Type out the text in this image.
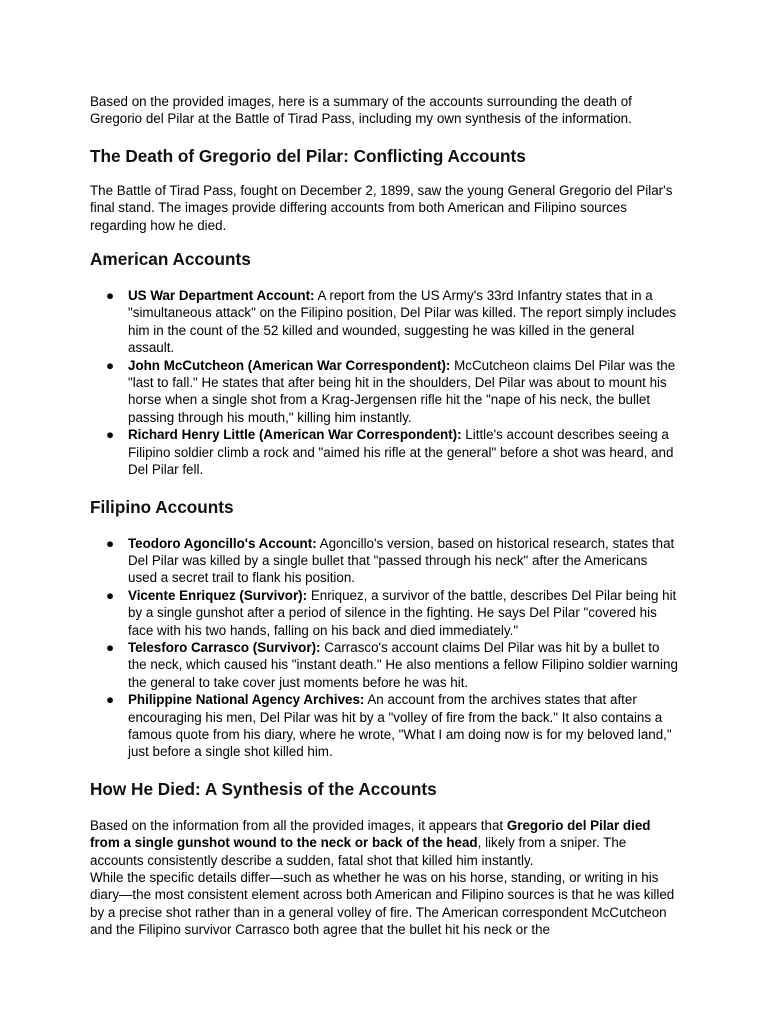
Based on the provided images, here is a summary of the accounts surrounding the death of Gregorio del Pilar at the Battle of Tirad Pass, including my own synthesis of the information.

The Death of Gregorio del Pilar: Conflicting Accounts

The Battle of Tirad Pass, fought on December 2, 1899, saw the young General Gregorio del Pilar's final stand. The images provide differing accounts from both American and Filipino sources regarding how he died.

American Accounts
● US War Department Account: A report from the US Army's 33rd Infantry states that in a "simultaneous attack" on the Filipino position, Del Pilar was killed. The report simply includes him in the count of the 52 killed and wounded, suggesting he was killed in the general assault.
● John McCutcheon (American War Correspondent): McCutcheon claims Del Pilar was the "last to fall." He states that after being hit in the shoulders, Del Pilar was about to mount his horse when a single shot from a Krag-Jergensen rifle hit the "nape of his neck, the bullet passing through his mouth," killing him instantly.
● Richard Henry Little (American War Correspondent): Little's account describes seeing a Filipino soldier climb a rock and "aimed his rifle at the general" before a shot was heard, and Del Pilar fell.
Filipino Accounts
● Teodoro Agoncillo's Account: Agoncillo's version, based on historical research, states that Del Pilar was killed by a single bullet that "passed through his neck" after the Americans used a secret trail to flank his position.
● Vicente Enriquez (Survivor): Enriquez, a survivor of the battle, describes Del Pilar being hit by a single gunshot after a period of silence in the fighting. He says Del Pilar "covered his face with his two hands, falling on his back and died immediately."
● Telesforo Carrasco (Survivor): Carrasco's account claims Del Pilar was hit by a bullet to the neck, which caused his "instant death." He also mentions a fellow Filipino soldier warning the general to take cover just moments before he was hit.
● Philippine National Agency Archives: An account from the archives states that after encouraging his men, Del Pilar was hit by a "volley of fire from the back." It also contains a famous quote from his diary, where he wrote, "What I am doing now is for my beloved land," just before a single shot killed him.
How He Died: A Synthesis of the Accounts

Based on the information from all the provided images, it appears that Gregorio del Pilar died from a single gunshot wound to the neck or back of the head, likely from a sniper. The accounts consistently describe a sudden, fatal shot that killed him instantly.

While the specific details differ—such as whether he was on his horse, standing, or writing in his diary—the most consistent element across both American and Filipino sources is that he was killed by a precise shot rather than in a general volley of fire. The American correspondent McCutcheon and the Filipino survivor Carrasco both agree that the bullet hit his neck or the
